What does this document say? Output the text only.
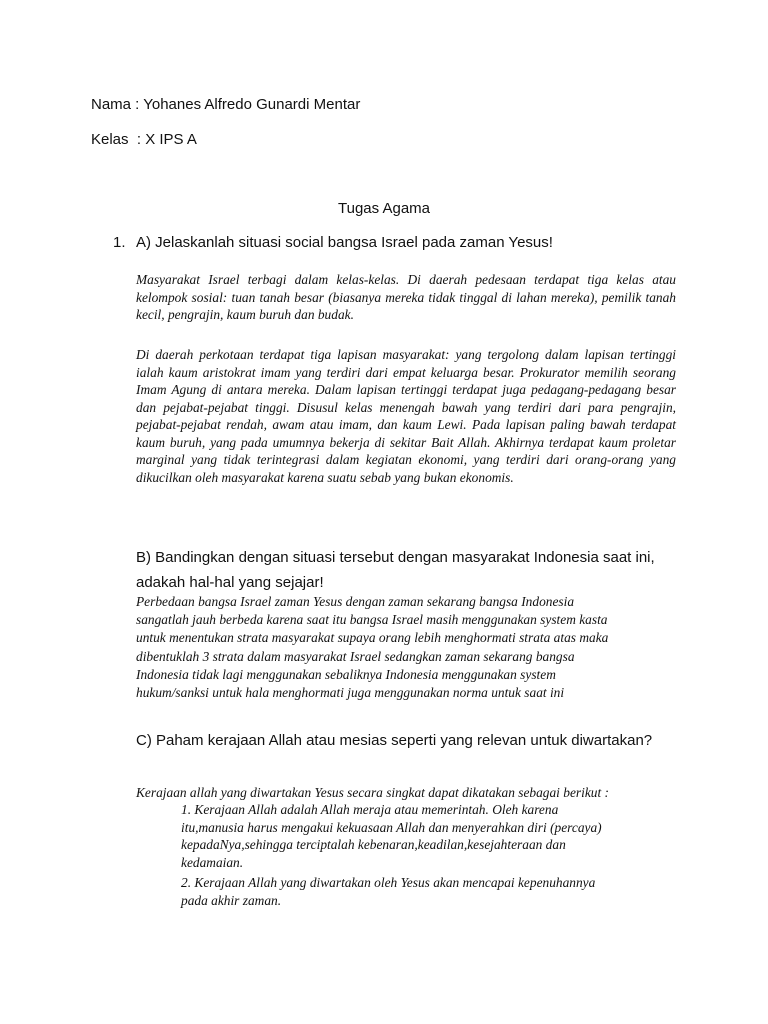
Nama : Yohanes Alfredo Gunardi Mentar

Kelas  : X IPS A

Tugas Agama

1. A) Jelaskanlah situasi social bangsa Israel pada zaman Yesus!

Masyarakat Israel terbagi dalam kelas-kelas. Di daerah pedesaan terdapat tiga kelas atau kelompok sosial: tuan tanah besar (biasanya mereka tidak tinggal di lahan mereka), pemilik tanah kecil, pengrajin, kaum buruh dan budak.

Di daerah perkotaan terdapat tiga lapisan masyarakat: yang tergolong dalam lapisan tertinggi ialah kaum aristokrat imam yang terdiri dari empat keluarga besar. Prokurator memilih seorang Imam Agung di antara mereka. Dalam lapisan tertinggi terdapat juga pedagang-pedagang besar dan pejabat-pejabat tinggi. Disusul kelas menengah bawah yang terdiri dari para pengrajin, pejabat-pejabat rendah, awam atau imam, dan kaum Lewi. Pada lapisan paling bawah terdapat kaum buruh, yang pada umumnya bekerja di sekitar Bait Allah. Akhirnya terdapat kaum proletar marginal yang tidak terintegrasi dalam kegiatan ekonomi, yang terdiri dari orang-orang yang dikucilkan oleh masyarakat karena suatu sebab yang bukan ekonomis.

B) Bandingkan dengan situasi tersebut dengan masyarakat Indonesia saat ini, adakah hal-hal yang sejajar!

Perbedaan bangsa Israel zaman Yesus dengan zaman sekarang bangsa Indonesia
sangatlah jauh berbeda karena saat itu bangsa Israel masih menggunakan system kasta
untuk menentukan strata masyarakat supaya orang lebih menghormati strata atas maka
dibentuklah 3 strata dalam masyarakat Israel sedangkan zaman sekarang bangsa
Indonesia tidak lagi menggunakan sebaliknya Indonesia menggunakan system
hukum/sanksi untuk hala menghormati juga menggunakan norma untuk saat ini

C) Paham kerajaan Allah atau mesias seperti yang relevan untuk diwartakan?

Kerajaan allah yang diwartakan Yesus secara singkat dapat dikatakan sebagai berikut :

1. Kerajaan Allah adalah Allah meraja atau memerintah. Oleh karena
itu,manusia harus mengakui kekuasaan Allah dan menyerahkan diri (percaya)
kepadaNya,sehingga terciptalah kebenaran,keadilan,kesejahteraan dan
kedamaian.
2. Kerajaan Allah yang diwartakan oleh Yesus akan mencapai kepenuhannya
pada akhir zaman.
